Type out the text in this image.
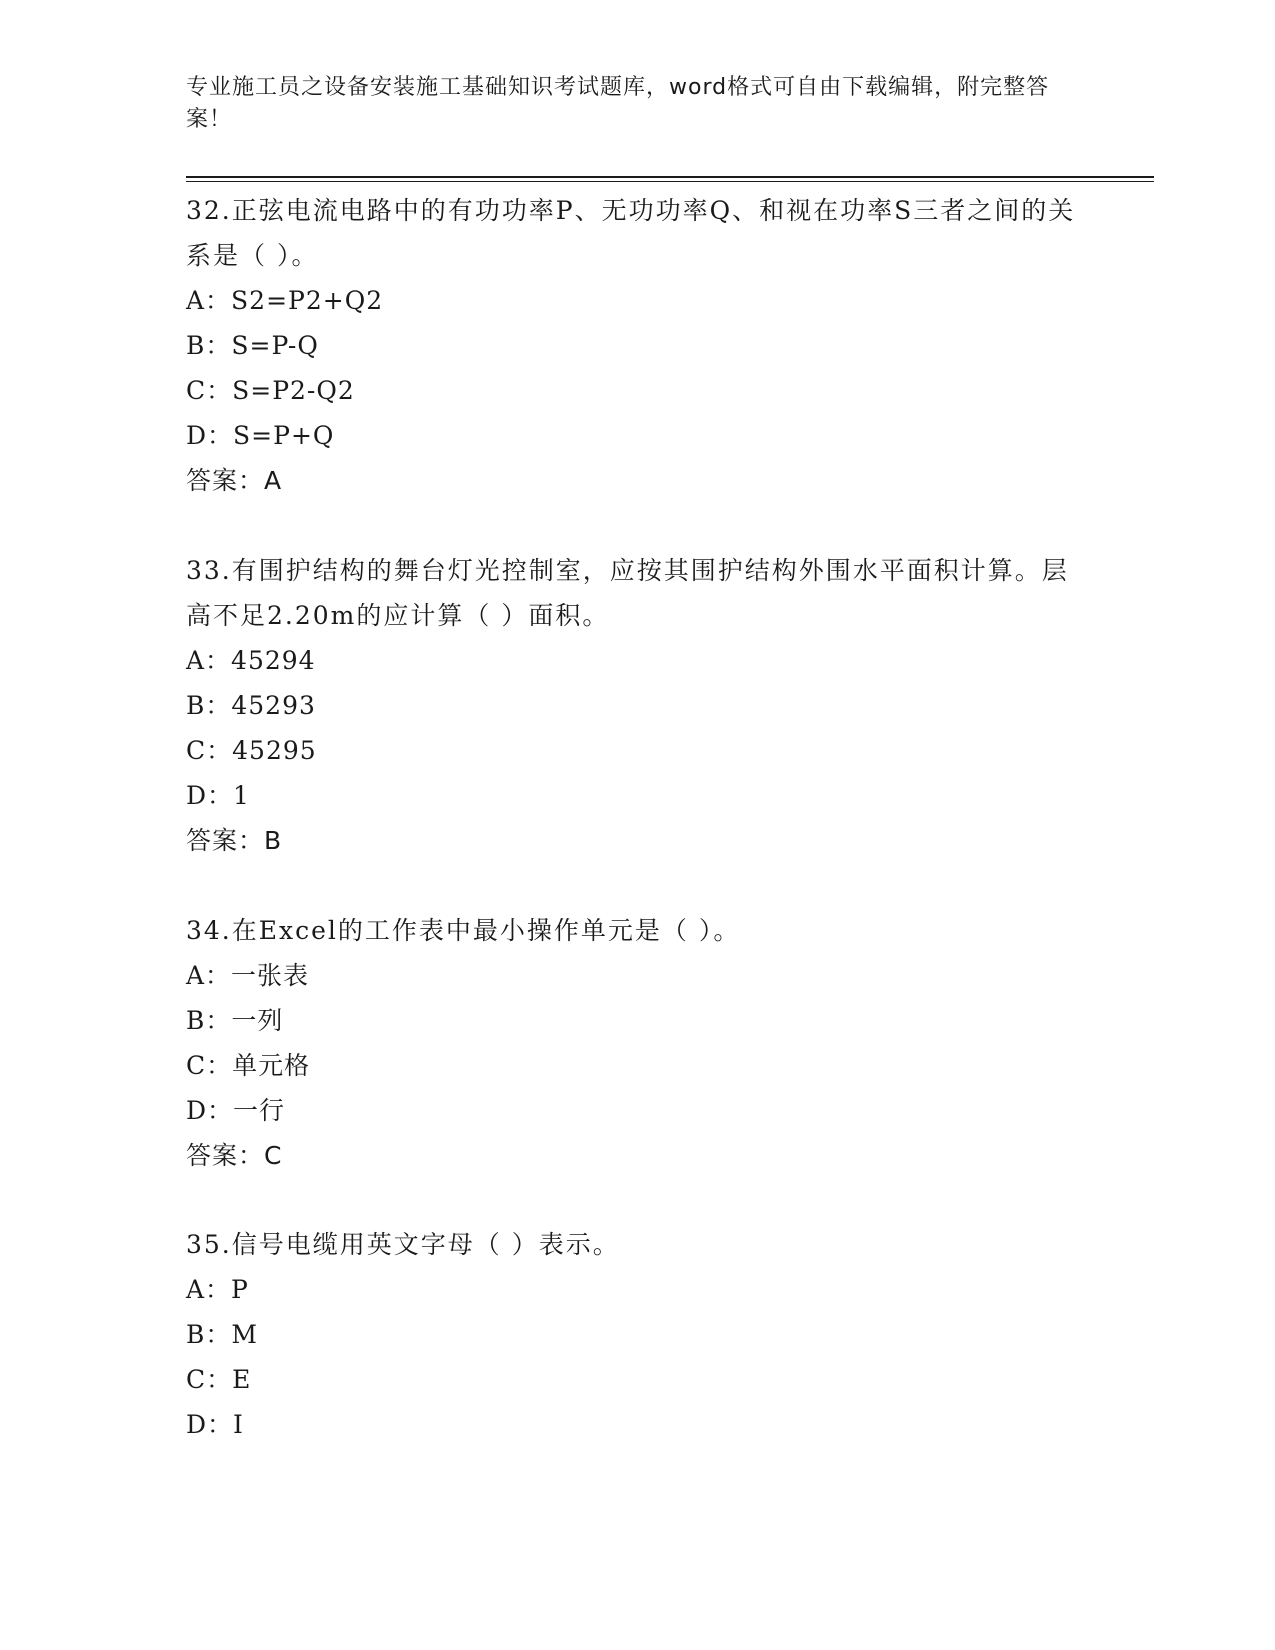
专业施工员之设备安装施工基础知识考试题库，word格式可自由下载编辑，附完整答案！
32.正弦电流电路中的有功功率P、无功功率Q、和视在功率S三者之间的关系是（ ）。
A：S2=P2+Q2
B：S=P-Q
C：S=P2-Q2
D：S=P+Q
答案：A
33.有围护结构的舞台灯光控制室，应按其围护结构外围水平面积计算。层高不足2.20m的应计算（ ）面积。
A：45294
B：45293
C：45295
D：1
答案：B
34.在Excel的工作表中最小操作单元是（ ）。
A：一张表
B：一列
C：单元格
D：一行
答案：C
35.信号电缆用英文字母（ ）表示。
A：P
B：M
C：E
D：I
